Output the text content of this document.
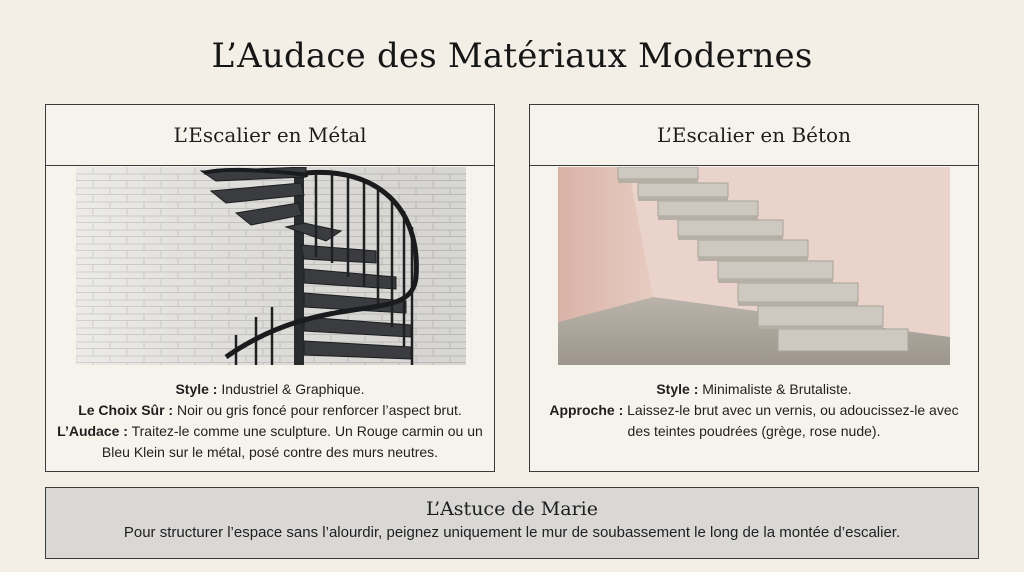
L’Audace des Matériaux Modernes
L’Escalier en Métal
Style : Industriel & Graphique.
Le Choix Sûr : Noir ou gris foncé pour renforcer l’aspect brut.
L’Audace : Traitez-le comme une sculpture. Un Rouge carmin ou un Bleu Klein sur le métal, posé contre des murs neutres.
L’Escalier en Béton
Style : Minimaliste & Brutaliste.
Approche : Laissez-le brut avec un vernis, ou adoucissez-le avec des teintes poudrées (grège, rose nude).
L’Astuce de Marie
Pour structurer l’espace sans l’alourdir, peignez uniquement le mur de soubassement le long de la montée d’escalier.
